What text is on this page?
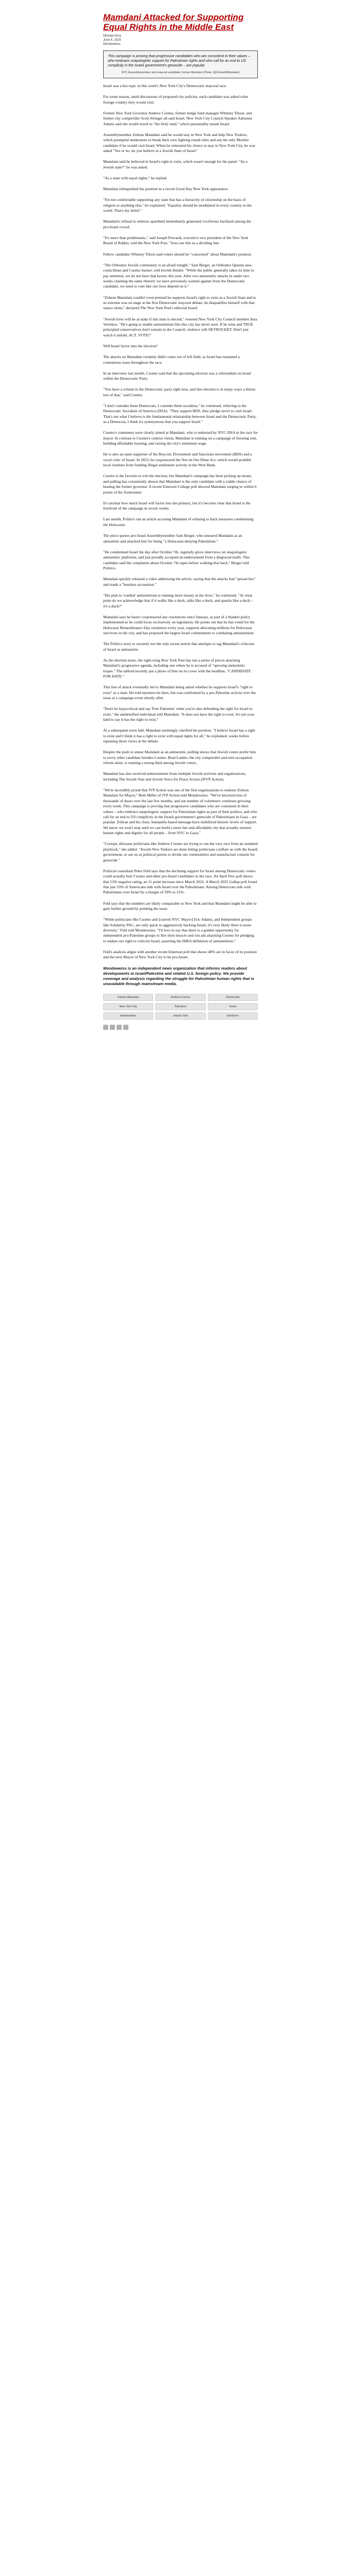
Mamdani Attacked for Supporting Equal Rights in the Middle East
Michael Arria
June 6, 2025
Mondoweiss
This campaign is proving that progressive candidates who are consistent in their values – who embrace unapologetic support for Palestinian rights and who call for an end to US complicity in the Israeli government's genocide – are popular.
NYC Assemblymember and mayoral candidate Zohran Mamdani (Photo: @ZohranKMamdani)

Israel was a hot topic in this week's New York City's Democratic mayoral race.

For some reason, amid discussions of proposed city policies, each candidate was asked what foreign country they would visit.

Former New York Governor Andrew Cuomo, former hedge fund manager Whitney Tilson, and former city comptroller Scott Stringer all said Israel. New York City Council Speaker Adrienne Adams said she would travel to "the Holy land," which presumably meant Israel.

Assemblymember Zohran Mamdani said he would stay in New York and help New Yorkers, which prompted moderators to break their own fighting round rules and ask the only Muslim candidate if he would visit Israel. When he reiterated his choice to stay in New York City, he was asked "Yes or no, do you believe in a Jewish State of Israel."

Mamdani said he believed in Israel's right to exist, which wasn't enough for the panel: "As a Jewish state?" he was asked.

"As a state with equal rights," he replied.

Mamdani relinquished his position in a recent Good Day New York appearance:

"I'm not comfortable supporting any state that has a hierarchy of citizenship on the basis of religion or anything else," he explained. "Equality should be modulated in every country in the world. That's my belief."

Mamdani's refusal to endorse apartheid immediately generated vociferous backlash among the pro-Israel crowd.

"It's more than problematic," said Joseph Potvarik, executive vice president of the New York Board of Rabbis, told the New York Post. "Jews see this as a dividing line.

Fellow candidate Whitney Tilson said voters should be "concerned" about Mamdani's position.

"The Orthodox Jewish community is an afraid tonight," Sam Berger, an Orthodox Queens area councilman and Cuomo backer, told Jewish Insider. "While the public generally takes its time to pay attention, we do not have that luxury this year. After two antisemitic attacks in under two weeks claiming the same rhetoric we have previously warned against from the Democratic candidate, we need to vote like our lives depend on it."

"Zohran Mamdani couldn't even pretend he supports Israel's right to exist as a Jewish State and is so extreme was on stage at the first Democratic mayoral debate, he disqualifies himself with that stance alone," declared The New York Post's editorial board.

"Jewish lives will be at stake if this man is elected," tweeted New York City Council member Inna Vernikov. "He's going to enable antisemitism like this city has never seen. If he wins and TRUE principled conservatives don't remain in the Council, violence will SKYROCKET. Don't just watch it unfold. ACT. VOTE!"

Will Israel factor into the election?

The attacks on Mamdani certainly didn't come out of left field, as Israel has remained a contentious issue throughout the race.

In an interview last month, Cuomo said that the upcoming election was a referendum on Israel within the Democratic Party.

"You have a schism in the Democratic party right now, and this election is in many ways a litmus test of that," said Cuomo.

"I don't consider them Democrats, I consider them socialists," he continued, referring to the Democratic Socialists of America (DSA). "They support BDS, they pledge never to visit Israel. That's not what I believe is the fundamental relationship between Israel and the Democratic Party, as a Democrat, I think it's synonymous that you support Israel."

Cuomo's comments were clearly aimed at Mamdani, who is endorsed by NYC-DSA in the race for mayor. In contrast to Cuomo's centrist vision, Mamdani is running on a campaign of freezing rent, building affordable housing, and raising the city's minimum wage.

He is also an open supporter of the Boycott, Divestment and Sanctions movement (BDS) and a vocal critic of Israel. In 2023, he cosponsored the Not on Our Dime Act, which would prohibit local charities from funding illegal settlement activity in the West Bank.

Cuomo is the favorite to win the election, but Mamdani's campaign has been picking up steam, and polling has consistently shown that Mamdani is the only candidate with a viable chance of beating the former governor. A recent Emerson College poll showed Mamdani surging to within 6 points of the frontrunner.

It's unclear how much Israel will factor into the primary, but it's become clear that Israel is the forefront of the campaign in recent weeks.

Last month, Politico ran an article accusing Mamdani of refusing to back measures condemning the Holocaust.

The piece quotes pro-Israel Assemblymember Sam Berger, who smeared Mamdani as an antisemite and attacked him for being "a Holocaust-denying Palestinian."

"He condemned Israel the day after October 7th, regularly gives interviews on unapologetic antisemitic platforms, and just proudly accepted an endorsement from a disgraced mufti. This candidate said the complaints about October 7th rapes before walking that back," Berger told Politico.

Mamdani quickly released a video addressing the article, saying that the attacks had "spread lies" and made a "baseless accusation."

"His plan to 'combat' antisemitism is running more money at the Jews," he continued. "At what point do we acknowledge that if it walks like a duck, talks like a duck, and quacks like a duck – it's a duck?"

Mamdani says he hasn't cosponsored any resolutions since January, as part of a blanket policy implemented so he could focus exclusively on legislation. He points out that he has voted for the Holocaust Remembrance Day resolution every year, supports allocating millions for Holocaust survivors in the city, and has proposed the largest Israel commitment to combating antisemitism.

The Politico story is certainly not the only recent article that attempts to tag Mamdani's criticism of Israel as antisemitic.

As the election nears, the right-wing New York Post has run a series of pieces attacking Mamdani's progressive agenda, including one where he is accused of "spewing antisemitic tropes." The tabloid recently put a photo of him on its cover with the headline, "CANDIDATE FOR HATE."

This line of attack eventually led to Mamdani being asked whether he supports Israel's "right to exist" as a state. He told reporters he does, but was confronted by a pro-Palestine activist over the issue at a campaign event shortly after.

"Don't be hypocritical and say 'Free Palestine' when you're also defending the right for Israel to exist," the unidentified individual told Mamdani. "It does not have the right to exist. It's not your land to say it has the right to exist."

At a subsequent town hall, Mamdani seemingly clarified his position. "I believe Israel has a right to exist and I think it has a right to exist with equal rights for all," he explained, weeks before repeating those views at the debate.

Despite the push to smear Mamdani as an antisemite, polling shows that Jewish voters prefer him to every other candidate besides Cuomo. Brad Lander, the city comptroller and rent-occupation reform alum, is running a strong third among Jewish voters.

Mamdani has also received endorsements from multiple Jewish activists and organizations, including The Jewish Vote and Jewish Voice for Peace Action (JFVP Action).

"We're incredibly proud that JVP Action was one of the first organizations to endorse Zohran Mamdani for Mayor," Beth Miller of JVP Action told Mondoweiss. "We've knocked tens of thousands of doors over the last few months, and our number of volunteers continues growing every week. This campaign is proving that progressive candidates who are consistent in their values – who embrace unapologetic support for Palestinian rights as part of their politics, and who call for an end to US complicity in the Israeli government's genocide of Palestinians in Gaza – are popular. Zohran and his close, humanely-based message have mobilized historic levels of support. We know we won't stop until we can build a more fair and affordable city that actually ensures human rights and dignity for all people – from NYC to Gaza."

"Corrupt, dinosaur politicians like Andrew Cuomo are trying to run the very race from an outdated playbook," she added. "Jewish New Yorkers are done letting politicians conflate us with the Israeli government, or use us as political pawns to divide our communities and manufacture consent for genocide."

Political consultant Peter Feld says that the declining support for Israel among Democratic voters could actually hurt Cuomo and other pro-Israel candidates in the race. An April Pew poll shows that 53% negative rating, an 11 point increase since March 2022. A March 2025 Gallup poll found that just 33% of Americans side with Israel over the Palestinians. Among Democrats side with Palestinians over Israel by a margin of 59% to 21%.

Feld says that the numbers are likely comparable to New York and that Mamdani might be able to gain further ground by pointing the issue.

"While politicians like Cuomo and [current NYC Mayor] Eric Adams, and Independent groups like Solidarity PAC, are only quick to aggressively backing Israel, it's very likely there is more diversity," Feld told Mondoweiss. "I'd love to say that there is a golden opportunity for independent pro-Palestine groups to flex their muscle and run ads attacking Cuomo for pledging to endure our right to criticize Israel, asserting the IHRA definition of antisemitism."

Feld's analysis aligns with another recent Emerson poll that shows 48% are in favor of its position and the next Mayor of New York City to be pro-Israel.

Mondoweiss is an independent news organization that informs readers about developments in Israel/Palestine and related U.S. foreign policy. We provide coverage and analysis regarding the struggle for Palestinian human rights that is unavailable through mainstream media.
Zohran Mamdani	Andrew Cuomo	Democrats
New York City	Palestine	Israel
Antisemitism	Jewish Vote	Elections
